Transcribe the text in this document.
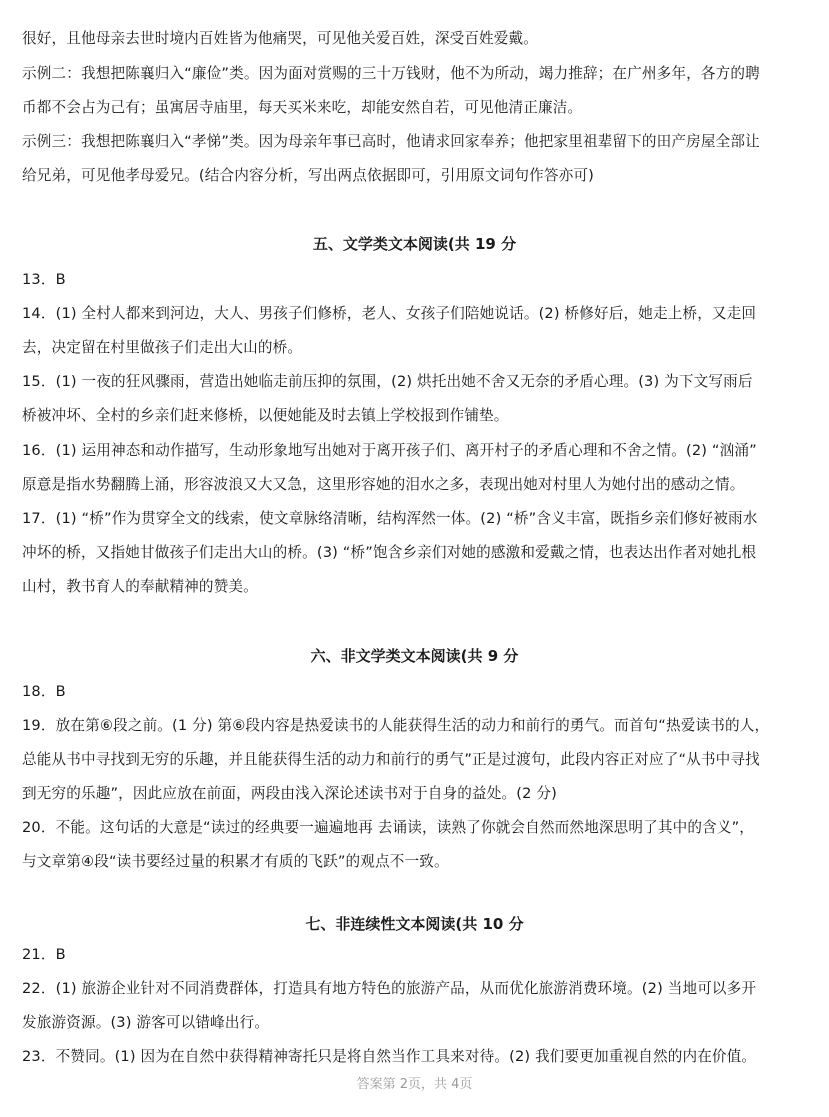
很好，且他母亲去世时境内百姓皆为他痛哭，可见他关爱百姓，深受百姓爱戴。
示例二：我想把陈襄归入“廉俭”类。因为面对赏赐的三十万钱财，他不为所动，竭力推辞；在广州多年，各方的聘
币都不会占为己有；虽寓居寺庙里，每天买米来吃，却能安然自若，可见他清正廉洁。
示例三：我想把陈襄归入“孝悌”类。因为母亲年事已高时，他请求回家奉养；他把家里祖辈留下的田产房屋全部让
给兄弟，可见他孝母爱兄。(结合内容分析，写出两点依据即可，引用原文词句作答亦可)
五、文学类文本阅读(共 19 分
13．B
14．(1) 全村人都来到河边，大人、男孩子们修桥，老人、女孩子们陪她说话。(2) 桥修好后，她走上桥，又走回
去，决定留在村里做孩子们走出大山的桥。
15．(1) 一夜的狂风骤雨，营造出她临走前压抑的氛围，(2) 烘托出她不舍又无奈的矛盾心理。(3) 为下文写雨后
桥被冲坏、全村的乡亲们赶来修桥，以便她能及时去镇上学校报到作铺垫。
16．(1) 运用神态和动作描写，生动形象地写出她对于离开孩子们、离开村子的矛盾心理和不舍之情。(2) “汹涌”
原意是指水势翻腾上涌，形容波浪又大又急，这里形容她的泪水之多，表现出她对村里人为她付出的感动之情。
17．(1) “桥”作为贯穿全文的线索，使文章脉络清晰，结构浑然一体。(2) “桥”含义丰富，既指乡亲们修好被雨水
冲坏的桥，又指她甘做孩子们走出大山的桥。(3) “桥”饱含乡亲们对她的感激和爱戴之情，也表达出作者对她扎根
山村，教书育人的奉献精神的赞美。
六、非文学类文本阅读(共 9 分
18．B
19．放在第⑥段之前。(1 分) 第⑥段内容是热爱读书的人能获得生活的动力和前行的勇气。而首句“热爱读书的人，
总能从书中寻找到无穷的乐趣，并且能获得生活的动力和前行的勇气”正是过渡句，此段内容正对应了“从书中寻找
到无穷的乐趣”，因此应放在前面，两段由浅入深论述读书对于自身的益处。(2 分)
20．不能。这句话的大意是“读过的经典要一遍遍地再 去诵读，读熟了你就会自然而然地深思明了其中的含义”，
与文章第④段“读书要经过量的积累才有质的飞跃”的观点不一致。
七、非连续性文本阅读(共 10 分
21．B
22．(1) 旅游企业针对不同消费群体，打造具有地方特色的旅游产品，从而优化旅游消费环境。(2) 当地可以多开
发旅游资源。(3) 游客可以错峰出行。
23．不赞同。(1) 因为在自然中获得精神寄托只是将自然当作工具来对待。(2) 我们要更加重视自然的内在价值。
答案第 2页，共 4页
